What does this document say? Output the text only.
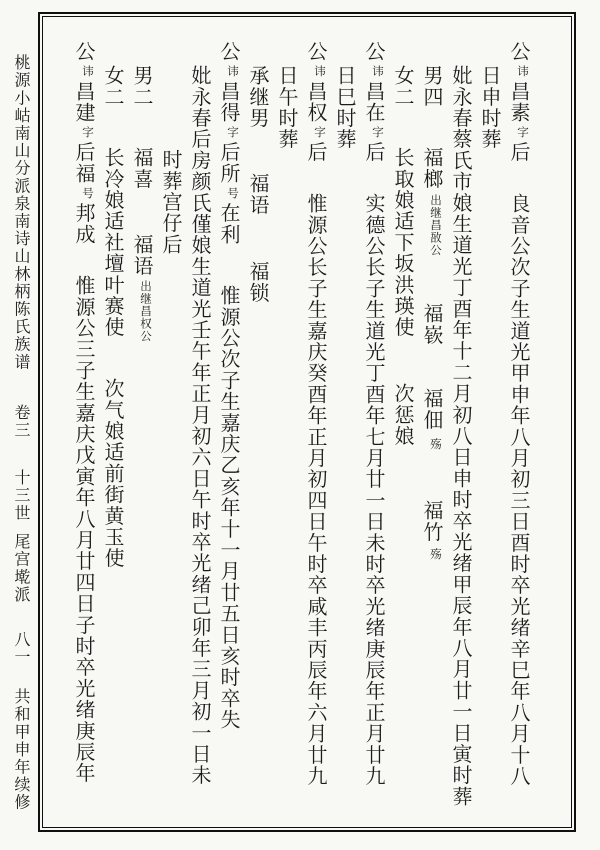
桃源小岵南山分派泉南诗山林柄陈氏族谱卷三十三世尾宫墘派八一共和甲申年续修
公讳昌素字后良音公次子生道光甲申年八月初三日酉时卒光绪辛巳年八月十八
日申时葬
妣永春蔡氏市娘生道光丁酉年十二月初八日申时卒光绪甲辰年八月廿一日寅时葬
男四福榔出继昌敔公福嵚福佃殇福竹殇
女二长取娘适下坂洪瑛使次惩娘
公讳昌在字后实德公长子生道光丁酉年七月廿一日未时卒光绪庚辰年正月廿九
日巳时葬
公讳昌权字后惟源公长子生嘉庆癸酉年正月初四日午时卒咸丰丙辰年六月廿九
日午时葬
承继男福语福锁
公讳昌得字后所号在利惟源公次子生嘉庆乙亥年十一月廿五日亥时卒失
妣永春后房颜氏僅娘生道光壬午年正月初六日午时卒光绪己卯年三月初一日未
时葬宫仔后
男二福喜福语出继昌权公
女二长冷娘适社壇叶赛使次气娘适前街黄玉使
公讳昌建字后福号邦成惟源公三子生嘉庆戊寅年八月廿四日子时卒光绪庚辰年
